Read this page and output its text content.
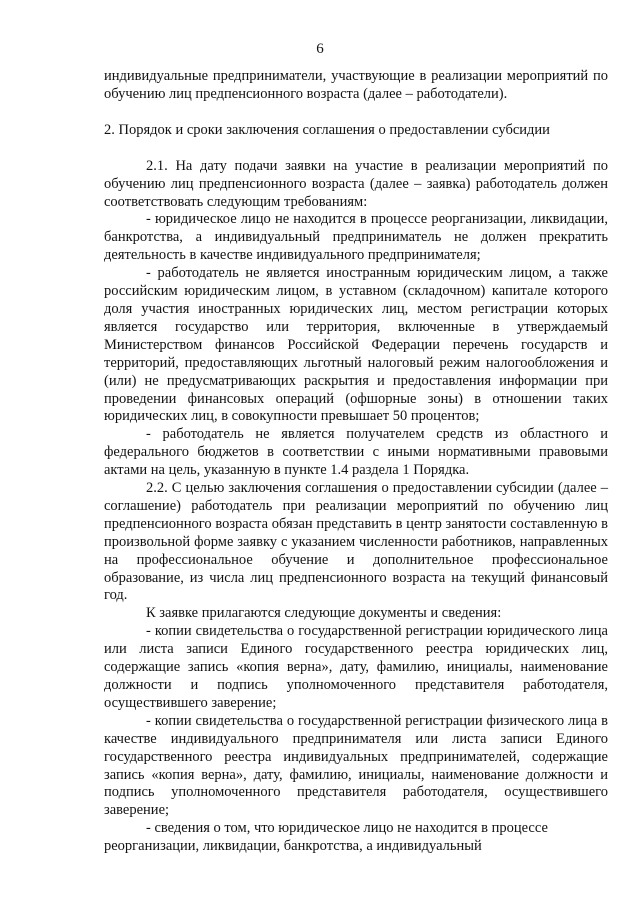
6

индивидуальные предприниматели, участвующие в реализации мероприятий по обучению лиц предпенсионного возраста (далее – работодатели).

2. Порядок и сроки заключения соглашения о предоставлении субсидии

2.1. На дату подачи заявки на участие в реализации мероприятий по обучению лиц предпенсионного возраста (далее – заявка) работодатель должен соответствовать следующим требованиям:

- юридическое лицо не находится в процессе реорганизации, ликвидации, банкротства, а индивидуальный предприниматель не должен прекратить деятельность в качестве индивидуального предпринимателя;

- работодатель не является иностранным юридическим лицом, а также российским юридическим лицом, в уставном (складочном) капитале которого доля участия иностранных юридических лиц, местом регистрации которых является государство или территория, включенные в утверждаемый Министерством финансов Российской Федерации перечень государств и территорий, предоставляющих льготный налоговый режим налогообложения и (или) не предусматривающих раскрытия и предоставления информации при проведении финансовых операций (офшорные зоны) в отношении таких юридических лиц, в совокупности превышает 50 процентов;

- работодатель не является получателем средств из областного и федерального бюджетов в соответствии с иными нормативными правовыми актами на цель, указанную в пункте 1.4 раздела 1 Порядка.

2.2. С целью заключения соглашения о предоставлении субсидии (далее – соглашение) работодатель при реализации мероприятий по обучению лиц предпенсионного возраста обязан представить в центр занятости составленную в произвольной форме заявку с указанием численности работников, направленных на профессиональное обучение и дополнительное профессиональное образование, из числа лиц предпенсионного возраста на текущий финансовый год.

К заявке прилагаются следующие документы и сведения:

- копии свидетельства о государственной регистрации юридического лица или листа записи Единого государственного реестра юридических лиц, содержащие запись «копия верна», дату, фамилию, инициалы, наименование должности и подпись уполномоченного представителя работодателя, осуществившего заверение;

- копии свидетельства о государственной регистрации физического лица в качестве индивидуального предпринимателя или листа записи Единого государственного реестра индивидуальных предпринимателей, содержащие запись «копия верна», дату, фамилию, инициалы, наименование должности и подпись уполномоченного представителя работодателя, осуществившего заверение;

- сведения о том, что юридическое лицо не находится в процессе

реорганизации, ликвидации, банкротства, а индивидуальный
